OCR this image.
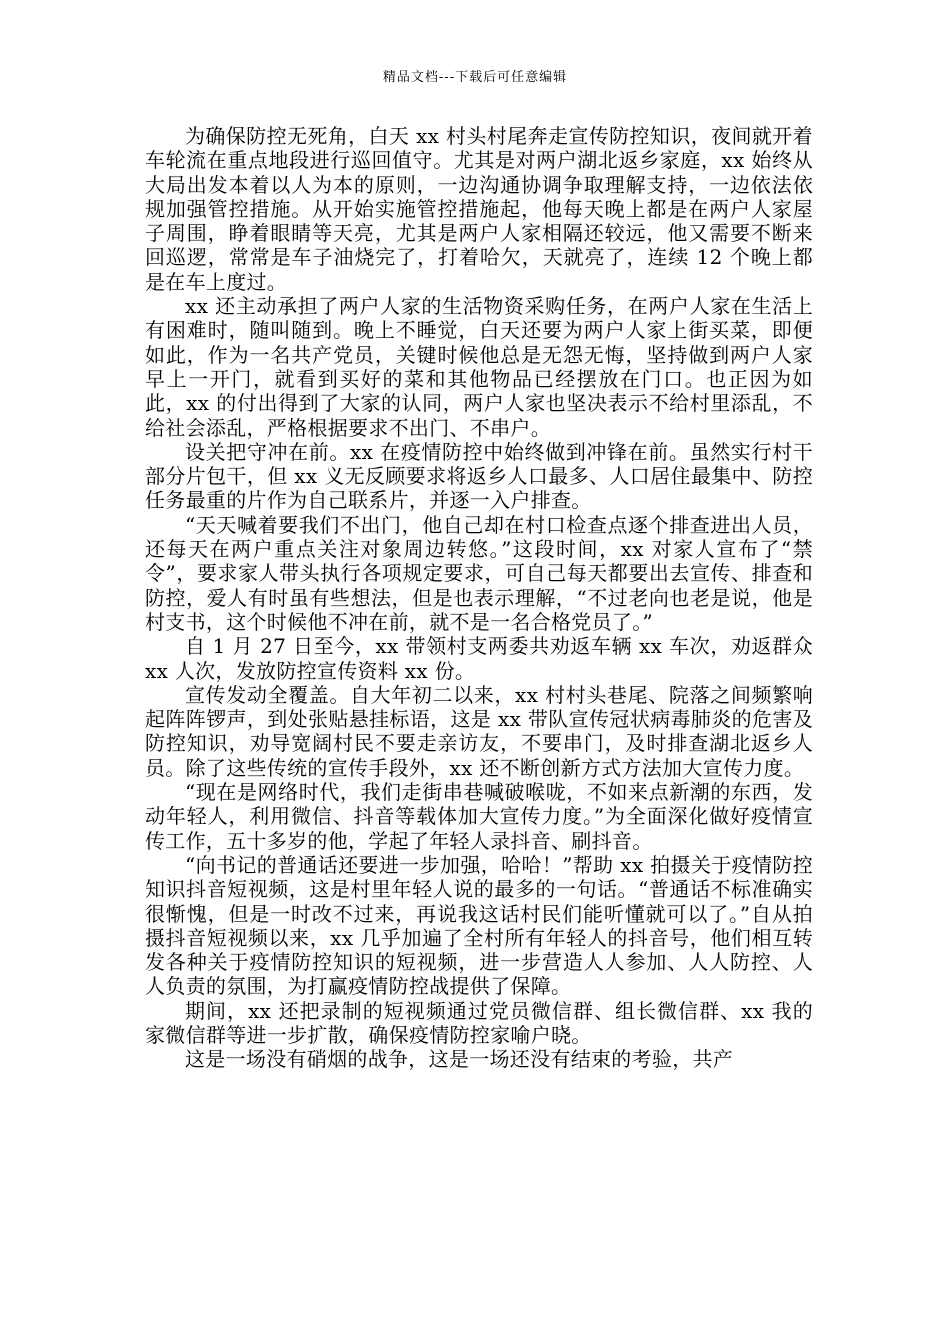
精品文档---下载后可任意编辑

为确保防控无死角，白天 xx 村头村尾奔走宣传防控知识，夜间就开着车轮流在重点地段进行巡回值守。尤其是对两户湖北返乡家庭，xx 始终从大局出发本着以人为本的原则，一边沟通协调争取理解支持，一边依法依规加强管控措施。从开始实施管控措施起，他每天晚上都是在两户人家屋子周围，睁着眼睛等天亮，尤其是两户人家相隔还较远，他又需要不断来回巡逻，常常是车子油烧完了，打着哈欠，天就亮了，连续 12 个晚上都是在车上度过。

xx 还主动承担了两户人家的生活物资采购任务，在两户人家在生活上有困难时，随叫随到。晚上不睡觉，白天还要为两户人家上街买菜，即便如此，作为一名共产党员，关键时候他总是无怨无悔，坚持做到两户人家早上一开门，就看到买好的菜和其他物品已经摆放在门口。也正因为如此，xx 的付出得到了大家的认同，两户人家也坚决表示不给村里添乱，不给社会添乱，严格根据要求不出门、不串户。

设关把守冲在前。xx 在疫情防控中始终做到冲锋在前。虽然实行村干部分片包干，但 xx 义无反顾要求将返乡人口最多、人口居住最集中、防控任务最重的片作为自己联系片，并逐一入户排查。

“天天喊着要我们不出门，他自己却在村口检查点逐个排查进出人员，还每天在两户重点关注对象周边转悠。”这段时间，xx 对家人宣布了“禁令”，要求家人带头执行各项规定要求，可自己每天都要出去宣传、排查和防控，爱人有时虽有些想法，但是也表示理解，“不过老向也老是说，他是村支书，这个时候他不冲在前，就不是一名合格党员了。”

自 1 月 27 日至今，xx 带领村支两委共劝返车辆 xx 车次，劝返群众 xx 人次，发放防控宣传资料 xx 份。

宣传发动全覆盖。自大年初二以来，xx 村村头巷尾、院落之间频繁响起阵阵锣声，到处张贴悬挂标语，这是 xx 带队宣传冠状病毒肺炎的危害及防控知识，劝导宽阔村民不要走亲访友，不要串门，及时排查湖北返乡人员。除了这些传统的宣传手段外，xx 还不断创新方式方法加大宣传力度。

“现在是网络时代，我们走街串巷喊破喉咙，不如来点新潮的东西，发动年轻人，利用微信、抖音等载体加大宣传力度。”为全面深化做好疫情宣传工作，五十多岁的他，学起了年轻人录抖音、刷抖音。

“向书记的普通话还要进一步加强，哈哈！”帮助 xx 拍摄关于疫情防控知识抖音短视频，这是村里年轻人说的最多的一句话。“普通话不标准确实很惭愧，但是一时改不过来，再说我这话村民们能听懂就可以了。”自从拍摄抖音短视频以来，xx 几乎加遍了全村所有年轻人的抖音号，他们相互转发各种关于疫情防控知识的短视频，进一步营造人人参加、人人防控、人人负责的氛围，为打赢疫情防控战提供了保障。

期间，xx 还把录制的短视频通过党员微信群、组长微信群、xx 我的家微信群等进一步扩散，确保疫情防控家喻户晓。

这是一场没有硝烟的战争，这是一场还没有结束的考验，共产
